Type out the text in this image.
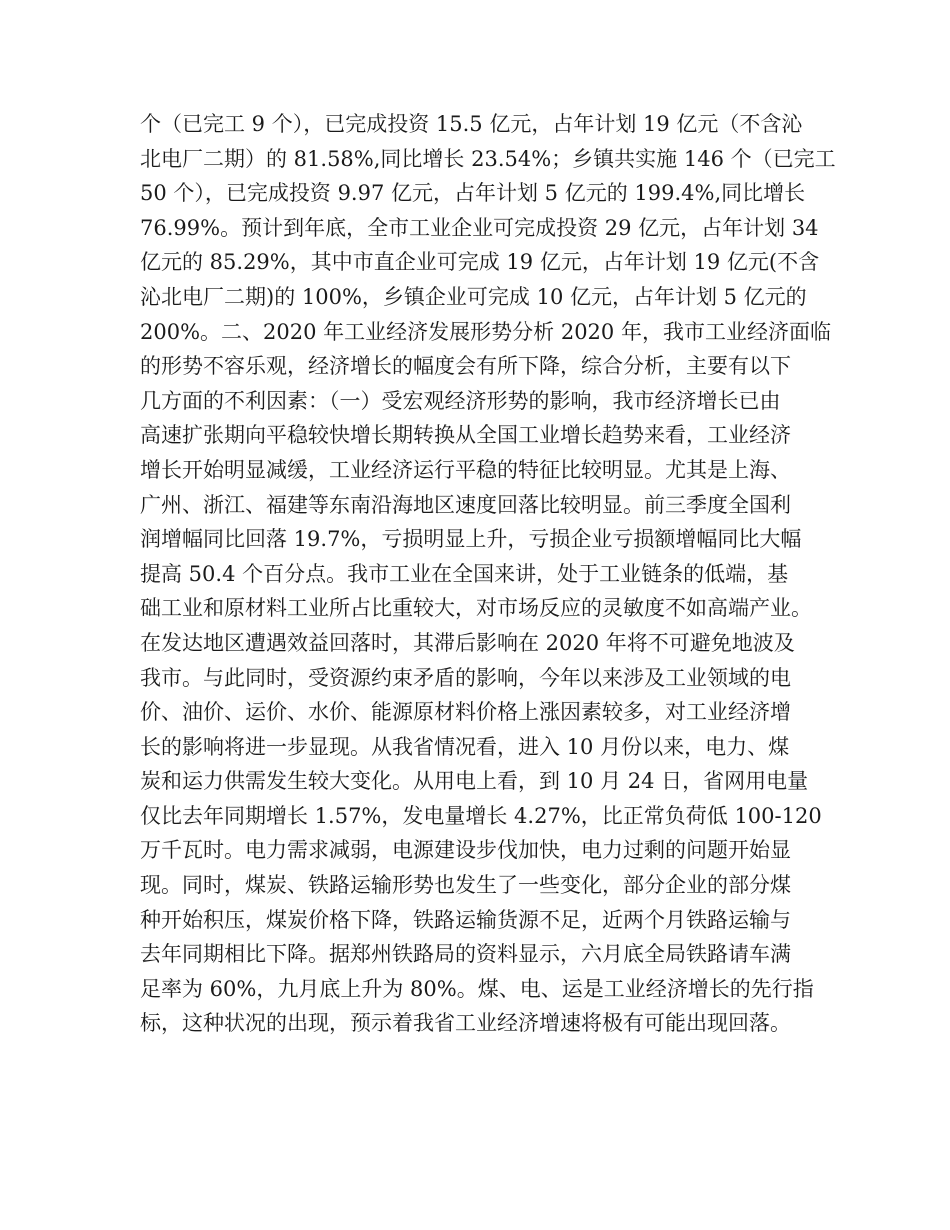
个（已完工 9 个），已完成投资 15.5 亿元，占年计划 19 亿元（不含沁
北电厂二期）的 81.58%,同比增长 23.54%；乡镇共实施 146 个（已完工
50 个），已完成投资 9.97 亿元，占年计划 5 亿元的 199.4%,同比增长
76.99%。预计到年底，全市工业企业可完成投资 29 亿元，占年计划 34
亿元的 85.29%，其中市直企业可完成 19 亿元，占年计划 19 亿元(不含
沁北电厂二期)的 100%，乡镇企业可完成 10 亿元，占年计划 5 亿元的
200%。二、2020 年工业经济发展形势分析 2020 年，我市工业经济面临
的形势不容乐观，经济增长的幅度会有所下降，综合分析，主要有以下
几方面的不利因素：（一）受宏观经济形势的影响，我市经济增长已由
高速扩张期向平稳较快增长期转换从全国工业增长趋势来看，工业经济
增长开始明显减缓，工业经济运行平稳的特征比较明显。尤其是上海、
广州、浙江、福建等东南沿海地区速度回落比较明显。前三季度全国利
润增幅同比回落 19.7%，亏损明显上升，亏损企业亏损额增幅同比大幅
提高 50.4 个百分点。我市工业在全国来讲，处于工业链条的低端，基
础工业和原材料工业所占比重较大，对市场反应的灵敏度不如高端产业。
在发达地区遭遇效益回落时，其滞后影响在 2020 年将不可避免地波及
我市。与此同时，受资源约束矛盾的影响，今年以来涉及工业领域的电
价、油价、运价、水价、能源原材料价格上涨因素较多，对工业经济增
长的影响将进一步显现。从我省情况看，进入 10 月份以来，电力、煤
炭和运力供需发生较大变化。从用电上看，到 10 月 24 日，省网用电量
仅比去年同期增长 1.57%，发电量增长 4.27%，比正常负荷低 100-120
万千瓦时。电力需求减弱，电源建设步伐加快，电力过剩的问题开始显
现。同时，煤炭、铁路运输形势也发生了一些变化，部分企业的部分煤
种开始积压，煤炭价格下降，铁路运输货源不足，近两个月铁路运输与
去年同期相比下降。据郑州铁路局的资料显示，六月底全局铁路请车满
足率为 60%，九月底上升为 80%。煤、电、运是工业经济增长的先行指
标，这种状况的出现，预示着我省工业经济增速将极有可能出现回落。
